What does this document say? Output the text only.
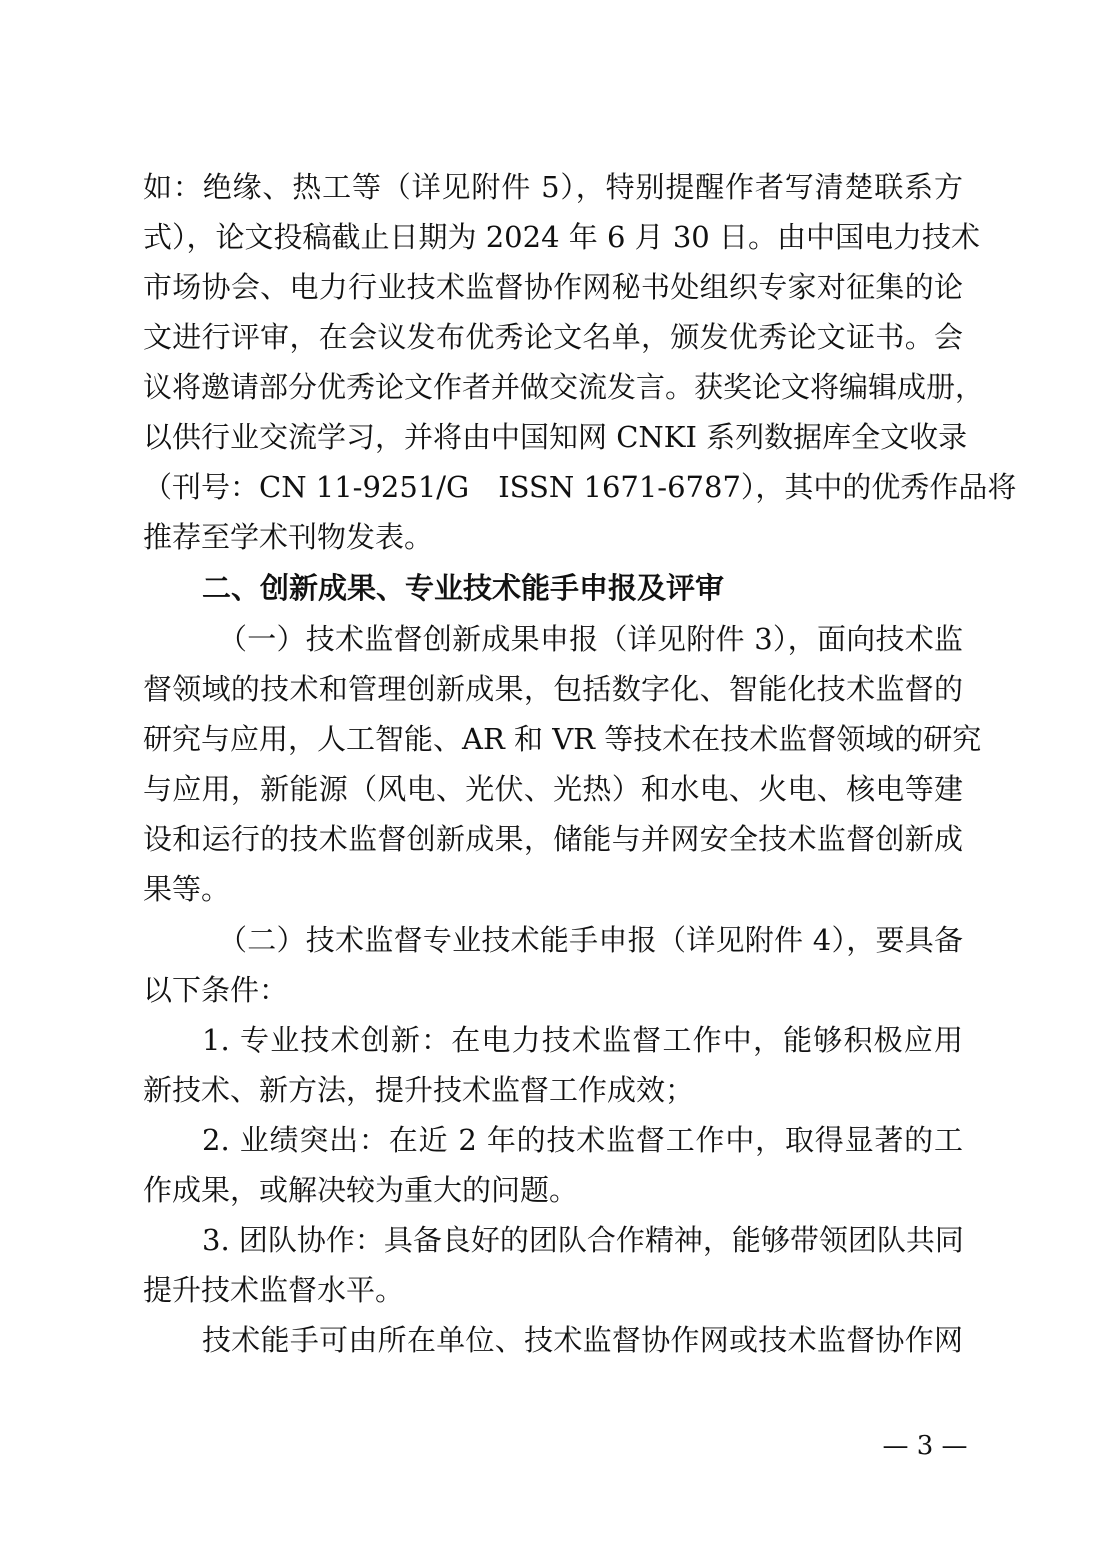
如：绝缘、热工等（详见附件 5），特别提醒作者写清楚联系方
式），论文投稿截止日期为 2024 年 6 月 30 日。由中国电力技术
市场协会、电力行业技术监督协作网秘书处组织专家对征集的论
文进行评审，在会议发布优秀论文名单，颁发优秀论文证书。会
议将邀请部分优秀论文作者并做交流发言。获奖论文将编辑成册，
以供行业交流学习，并将由中国知网 CNKI 系列数据库全文收录
（刊号：CN 11-9251/G　ISSN 1671-6787），其中的优秀作品将
推荐至学术刊物发表。
二、创新成果、专业技术能手申报及评审
（一）技术监督创新成果申报（详见附件 3），面向技术监
督领域的技术和管理创新成果，包括数字化、智能化技术监督的
研究与应用，人工智能、AR 和 VR 等技术在技术监督领域的研究
与应用，新能源（风电、光伏、光热）和水电、火电、核电等建
设和运行的技术监督创新成果，储能与并网安全技术监督创新成
果等。
（二）技术监督专业技术能手申报（详见附件 4），要具备
以下条件：
1. 专业技术创新：在电力技术监督工作中，能够积极应用
新技术、新方法，提升技术监督工作成效；
2. 业绩突出：在近 2 年的技术监督工作中，取得显著的工
作成果，或解决较为重大的问题。
3. 团队协作：具备良好的团队合作精神，能够带领团队共同
提升技术监督水平。
技术能手可由所在单位、技术监督协作网或技术监督协作网
— 3 —
